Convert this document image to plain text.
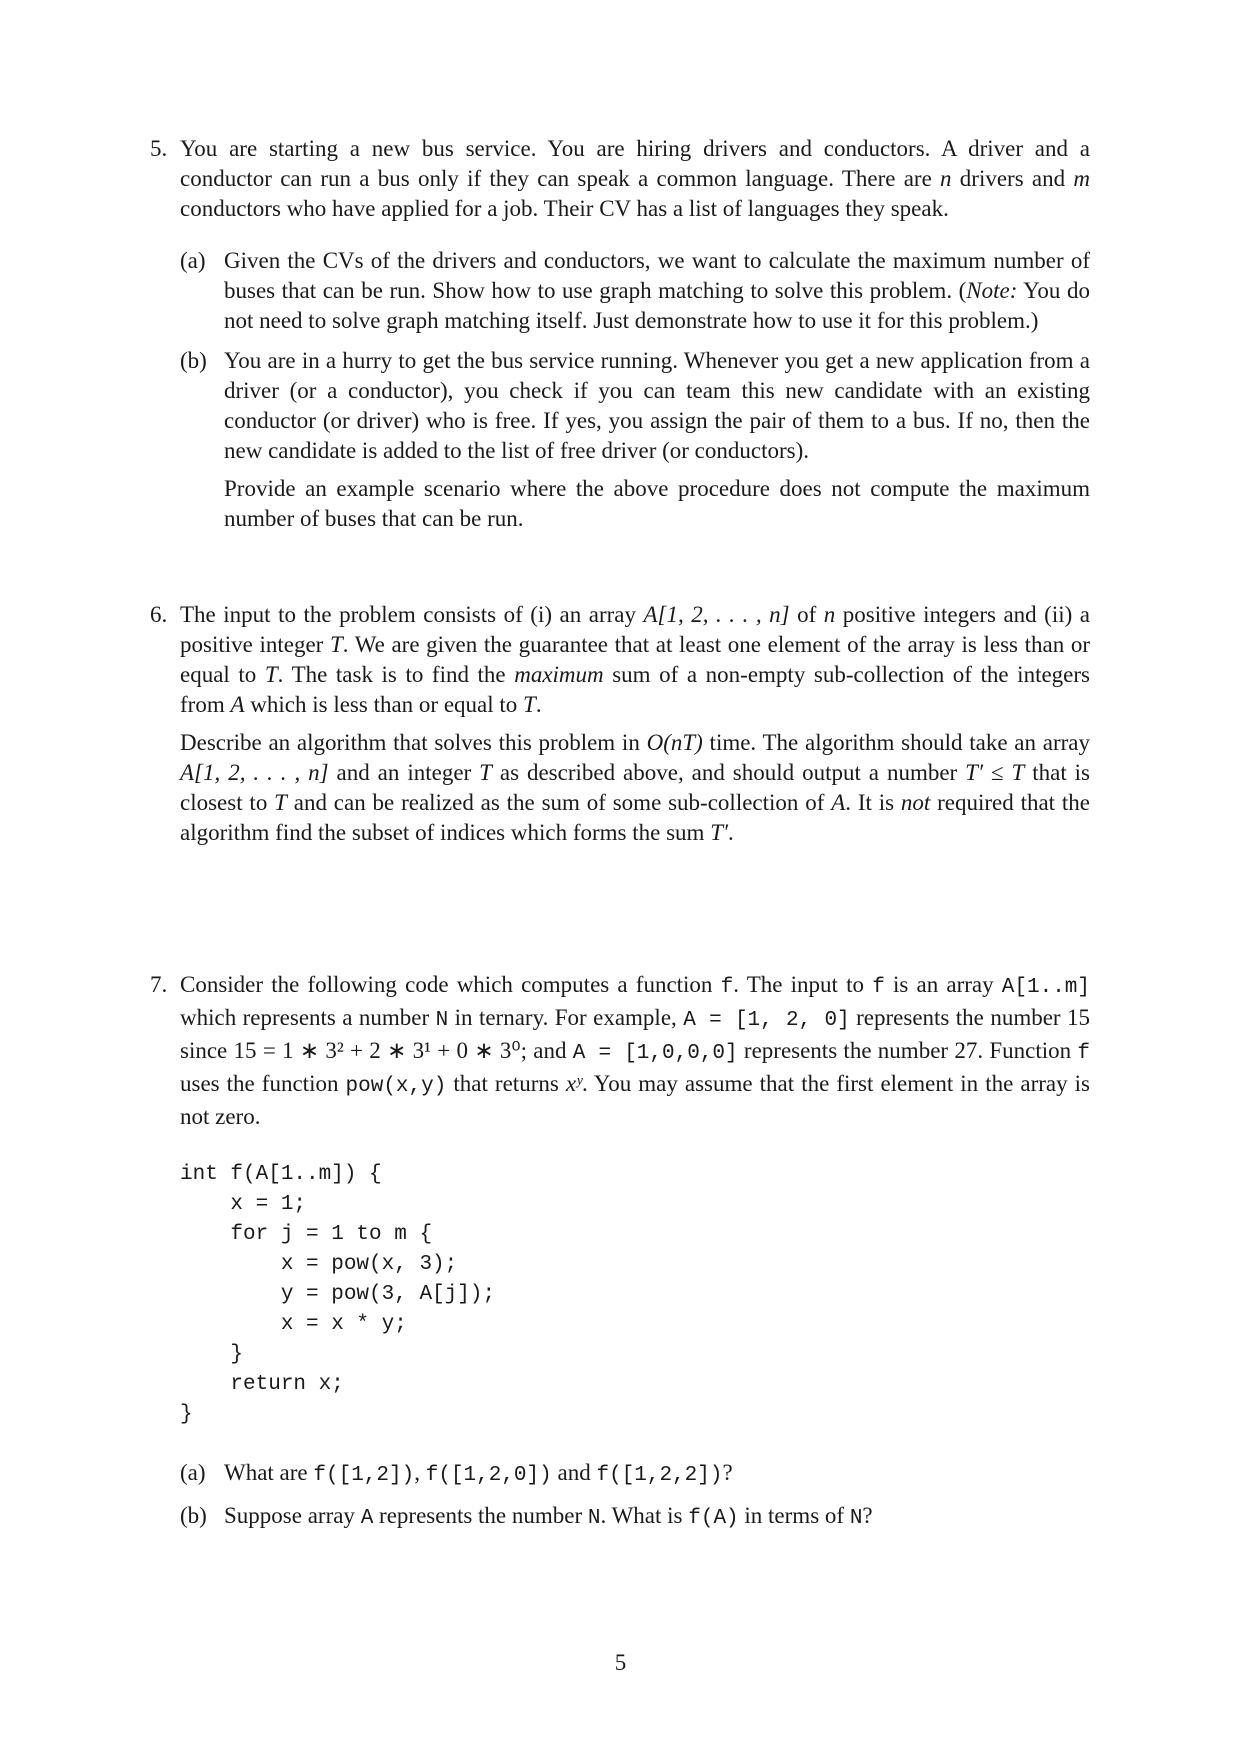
5. You are starting a new bus service. You are hiring drivers and conductors. A driver and a conductor can run a bus only if they can speak a common language. There are n drivers and m conductors who have applied for a job. Their CV has a list of languages they speak.

(a) Given the CVs of the drivers and conductors, we want to calculate the maximum number of buses that can be run. Show how to use graph matching to solve this problem. (Note: You do not need to solve graph matching itself. Just demonstrate how to use it for this problem.)

(b) You are in a hurry to get the bus service running. Whenever you get a new application from a driver (or a conductor), you check if you can team this new candidate with an existing conductor (or driver) who is free. If yes, you assign the pair of them to a bus. If no, then the new candidate is added to the list of free driver (or conductors).

Provide an example scenario where the above procedure does not compute the maximum number of buses that can be run.

6. The input to the problem consists of (i) an array A[1, 2, . . . , n] of n positive integers and (ii) a positive integer T. We are given the guarantee that at least one element of the array is less than or equal to T. The task is to find the maximum sum of a non-empty sub-collection of the integers from A which is less than or equal to T.

Describe an algorithm that solves this problem in O(nT) time. The algorithm should take an array A[1, 2, . . . , n] and an integer T as described above, and should output a number T′ ≤ T that is closest to T and can be realized as the sum of some sub-collection of A. It is not required that the algorithm find the subset of indices which forms the sum T′.

7. Consider the following code which computes a function f. The input to f is an array A[1..m] which represents a number N in ternary. For example, A = [1, 2, 0] represents the number 15 since 15 = 1 ∗ 3² + 2 ∗ 3¹ + 0 ∗ 3⁰; and A = [1,0,0,0] represents the number 27. Function f uses the function pow(x,y) that returns xʸ. You may assume that the first element in the array is not zero.

int f(A[1..m]) {
x = 1;
for j = 1 to m {
x = pow(x, 3);
y = pow(3, A[j]);
x = x * y;
}
return x;
}
(a) What are f([1,2]), f([1,2,0]) and f([1,2,2])?

(b) Suppose array A represents the number N. What is f(A) in terms of N?

5
